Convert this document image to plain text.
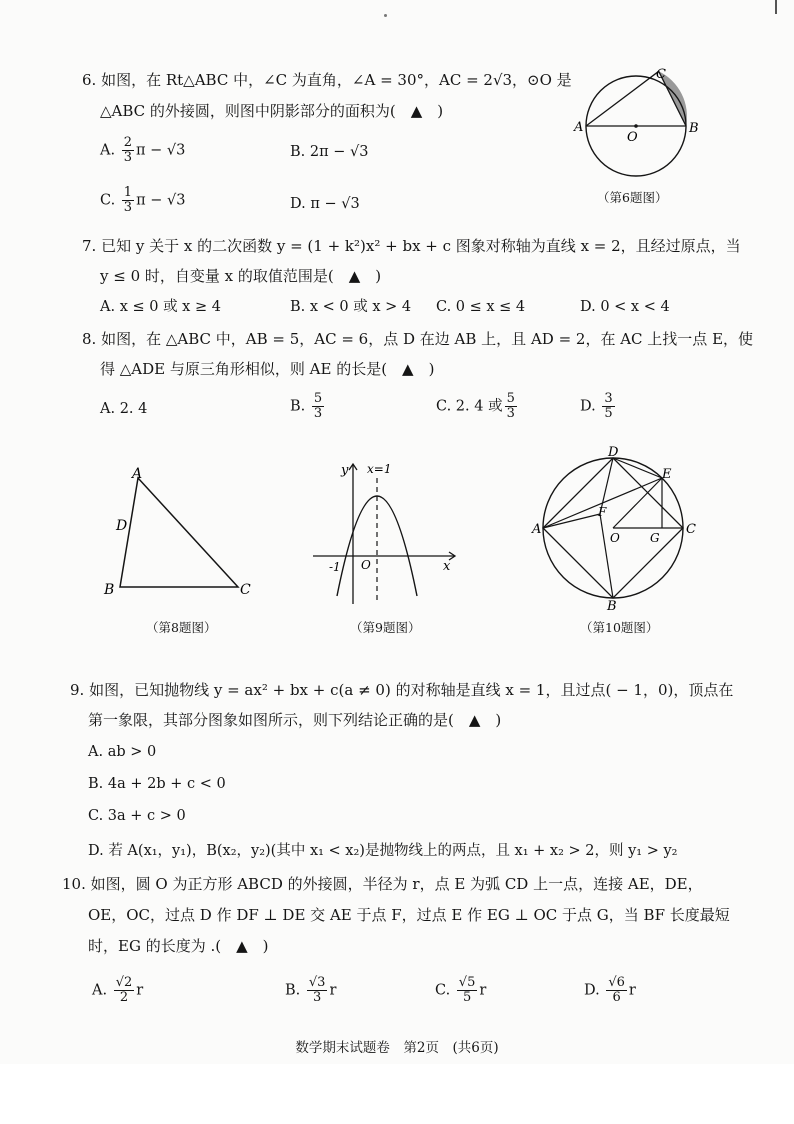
6. 如图，在 Rt△ABC 中，∠C 为直角，∠A = 30°，AC = 2√3，⊙O 是
△ABC 的外接圆，则图中阴影部分的面积为(　▲　)
A. $\frac{2}{3}$ π − √3	B. 2π − √3
C. $\frac{1}{3}$ π − √3	D. π − √3
A	B
C
O
（第6题图）
7. 已知 y 关于 x 的二次函数 y = (1 + k²)x² + bx + c 图象对称轴为直线 x = 2，且经过原点，当
y ≤ 0 时，自变量 x 的取值范围是(　▲　)
A. x ≤ 0 或 x ≥ 4	B. x < 0 或 x > 4 C. 0 ≤ x ≤ 4	D. 0 < x < 4
8. 如图，在 △ABC 中，AB = 5，AC = 6，点 D 在边 AB 上，且 AD = 2，在 AC 上找一点 E，使
得 △ADE 与原三角形相似，则 AE 的长是(　▲　)
A. 2. 4	B. $\frac{5}{3}$	C. 2. 4 或 $\frac{5}{3}$	D. $\frac{3}{5}$
A
D
B	C
（第8题图）
y x=1
x
O
-1
（第9题图）
D
E
A	C
B
F
O	G
（第10题图）
9. 如图，已知抛物线 y = ax² + bx + c(a ≠ 0) 的对称轴是直线 x = 1，且过点( − 1，0)，顶点在
第一象限，其部分图象如图所示，则下列结论正确的是(　▲　)
A. ab > 0
B. 4a + 2b + c < 0
C. 3a + c > 0
D. 若 A(x₁，y₁)，B(x₂，y₂)(其中 x₁ < x₂)是抛物线上的两点，且 x₁ + x₂ > 2，则 y₁ > y₂
10. 如图，圆 O 为正方形 ABCD 的外接圆，半径为 r，点 E 为弧 CD 上一点，连接 AE，DE，
OE，OC，过点 D 作 DF ⊥ DE 交 AE 于点 F，过点 E 作 EG ⊥ OC 于点 G，当 BF 长度最短
时，EG 的长度为 .(　▲　)
A. $\frac{√2}{2}$ r	B. $\frac{√3}{3}$ r	C. $\frac{√5}{5}$ r	D. $\frac{√6}{6}$ r
数学期末试题卷　第2页　(共6页)
